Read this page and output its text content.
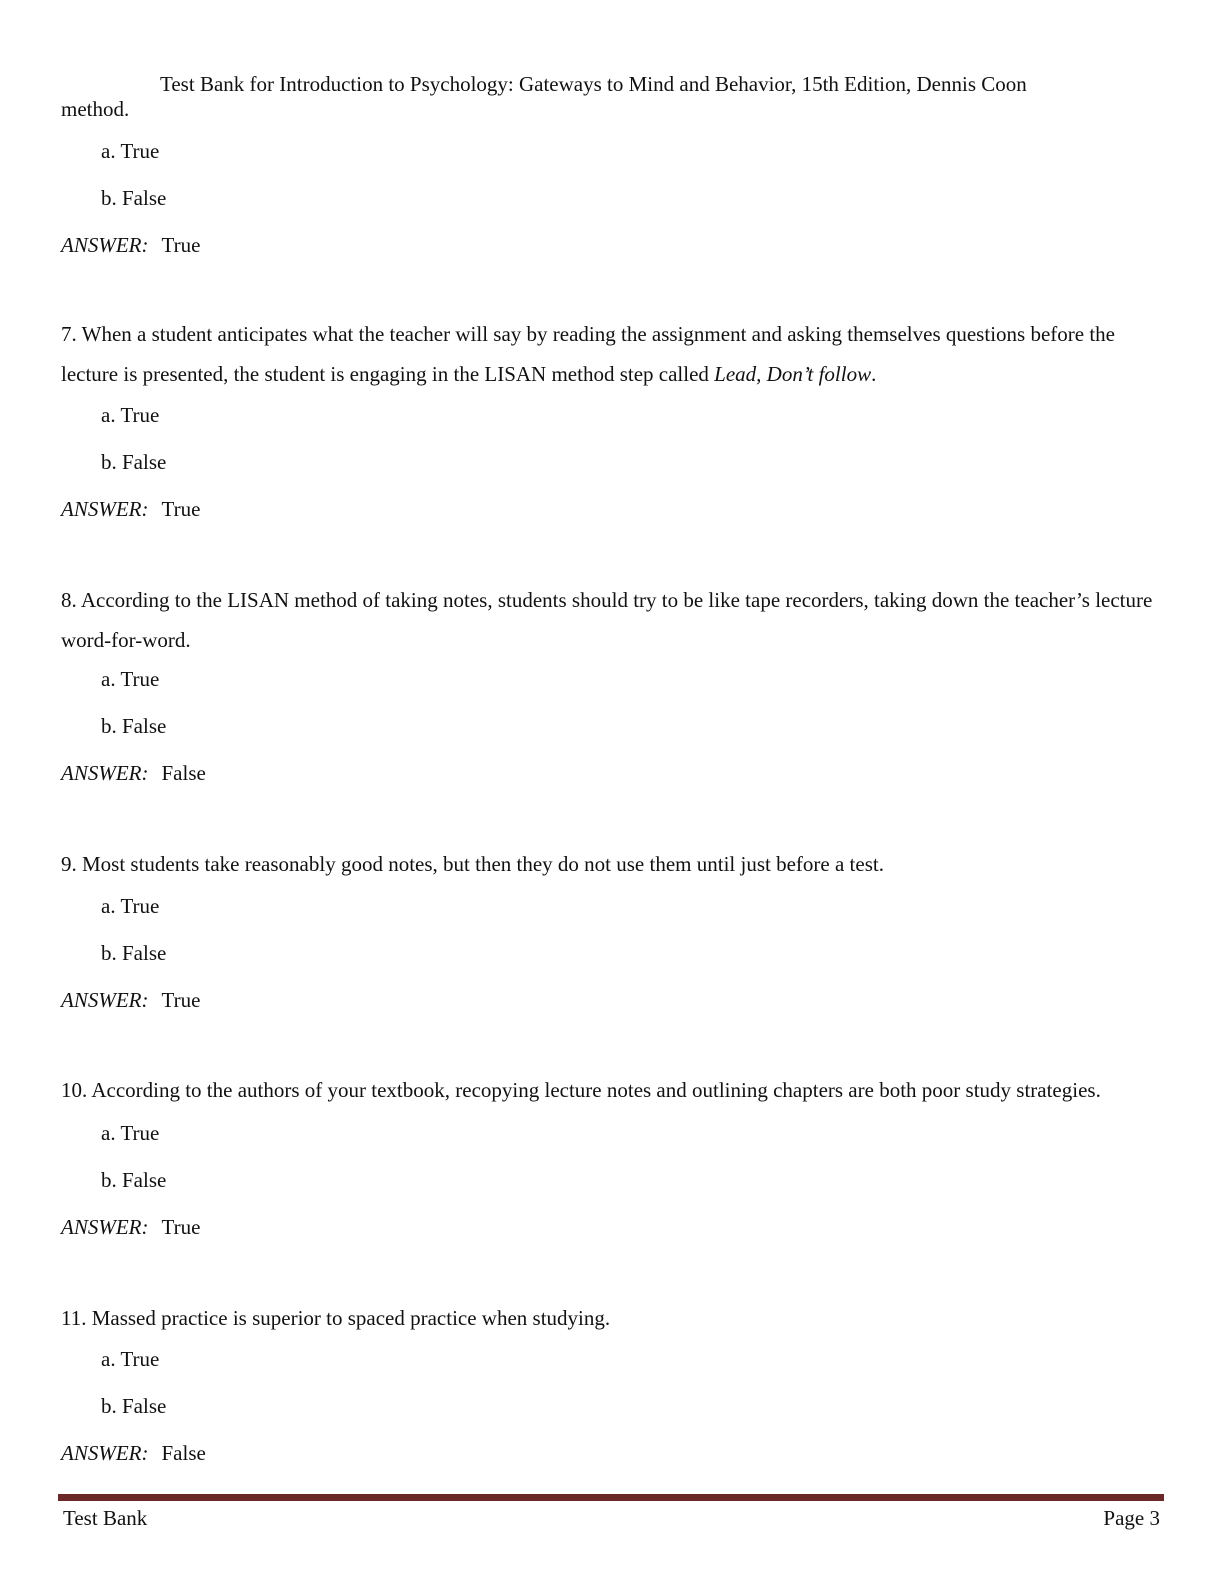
Test Bank for Introduction to Psychology: Gateways to Mind and Behavior, 15th Edition, Dennis Coon
method.
a. True
b. False
ANSWER: True
7. When a student anticipates what the teacher will say by reading the assignment and asking themselves questions before the lecture is presented, the student is engaging in the LISAN method step called Lead, Don’t follow.
a. True
b. False
ANSWER: True
8. According to the LISAN method of taking notes, students should try to be like tape recorders, taking down the teacher’s lecture word-for-word.
a. True
b. False
ANSWER: False
9. Most students take reasonably good notes, but then they do not use them until just before a test.
a. True
b. False
ANSWER: True
10. According to the authors of your textbook, recopying lecture notes and outlining chapters are both poor study strategies.
a. True
b. False
ANSWER: True
11. Massed practice is superior to spaced practice when studying.
a. True
b. False
ANSWER: False
Test Bank	Page 3
